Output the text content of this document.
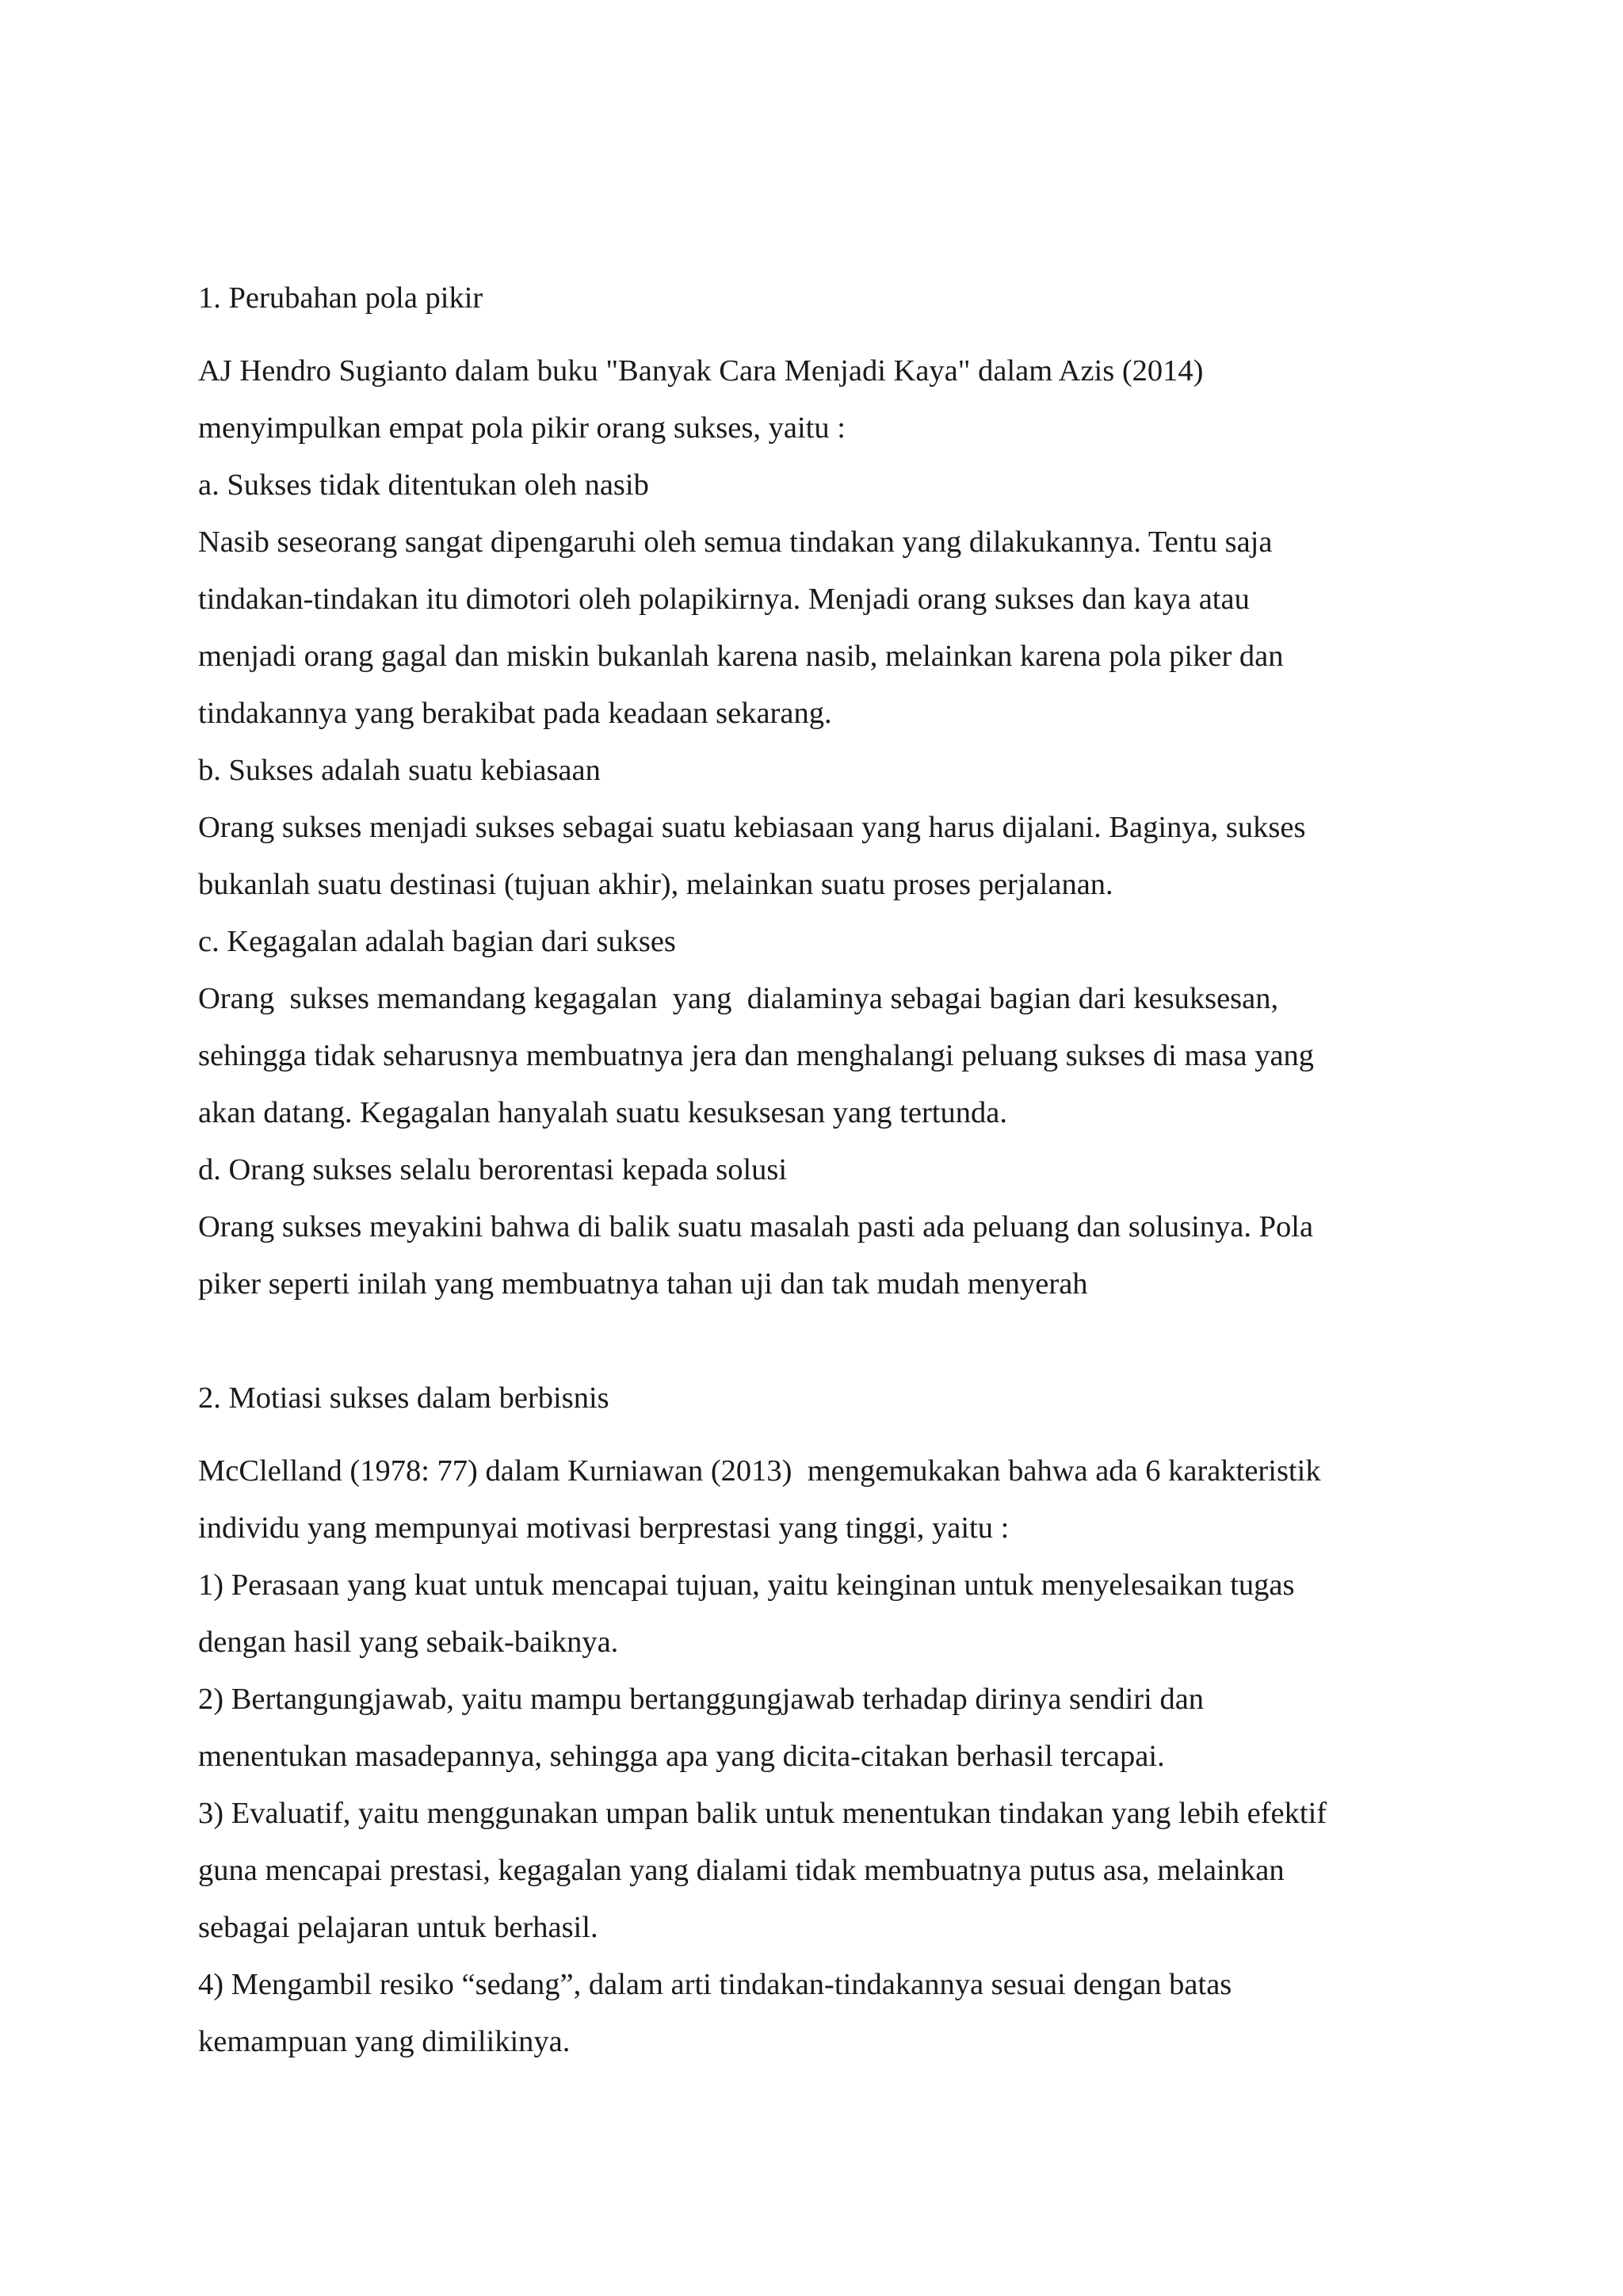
1. Perubahan pola pikir
AJ Hendro Sugianto dalam buku "Banyak Cara Menjadi Kaya" dalam Azis (2014)
menyimpulkan empat pola pikir orang sukses, yaitu :
a. Sukses tidak ditentukan oleh nasib
Nasib seseorang sangat dipengaruhi oleh semua tindakan yang dilakukannya. Tentu saja
tindakan-tindakan itu dimotori oleh polapikirnya. Menjadi orang sukses dan kaya atau
menjadi orang gagal dan miskin bukanlah karena nasib, melainkan karena pola piker dan
tindakannya yang berakibat pada keadaan sekarang.
b. Sukses adalah suatu kebiasaan
Orang sukses menjadi sukses sebagai suatu kebiasaan yang harus dijalani. Baginya, sukses
bukanlah suatu destinasi (tujuan akhir), melainkan suatu proses perjalanan.
c. Kegagalan adalah bagian dari sukses
Orang  sukses memandang kegagalan  yang  dialaminya sebagai bagian dari kesuksesan,
sehingga tidak seharusnya membuatnya jera dan menghalangi peluang sukses di masa yang
akan datang. Kegagalan hanyalah suatu kesuksesan yang tertunda.
d. Orang sukses selalu berorentasi kepada solusi
Orang sukses meyakini bahwa di balik suatu masalah pasti ada peluang dan solusinya. Pola
piker seperti inilah yang membuatnya tahan uji dan tak mudah menyerah
2. Motiasi sukses dalam berbisnis
McClelland (1978: 77) dalam Kurniawan (2013)  mengemukakan bahwa ada 6 karakteristik
individu yang mempunyai motivasi berprestasi yang tinggi, yaitu :
1) Perasaan yang kuat untuk mencapai tujuan, yaitu keinginan untuk menyelesaikan tugas
dengan hasil yang sebaik-baiknya.
2) Bertangungjawab, yaitu mampu bertanggungjawab terhadap dirinya sendiri dan
menentukan masadepannya, sehingga apa yang dicita-citakan berhasil tercapai.
3) Evaluatif, yaitu menggunakan umpan balik untuk menentukan tindakan yang lebih efektif
guna mencapai prestasi, kegagalan yang dialami tidak membuatnya putus asa, melainkan
sebagai pelajaran untuk berhasil.
4) Mengambil resiko “sedang”, dalam arti tindakan-tindakannya sesuai dengan batas
kemampuan yang dimilikinya.
